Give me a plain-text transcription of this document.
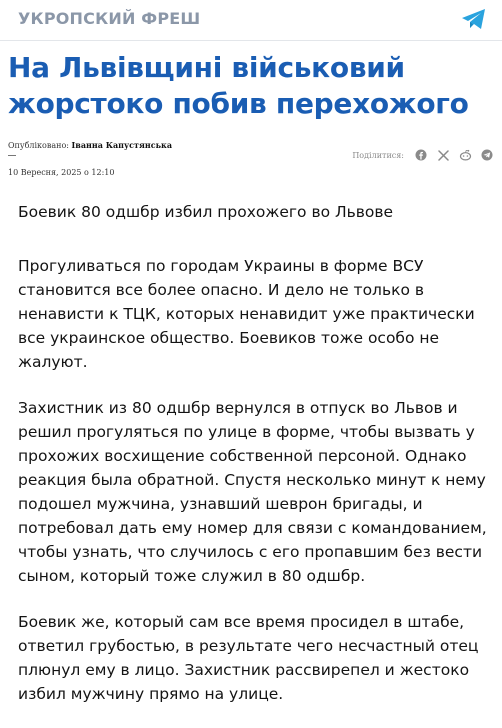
УКРОПСКИЙ ФРЕШ
На Львівщині військовий жорстоко побив перехожого
Опубліковано: Іванна Капустянська
10 Вересня, 2025 о 12:10
Поділитися:

Боевик 80 одшбр избил прохожего во Львове

Прогуливаться по городам Украины в форме ВСУ становится все более опасно. И дело не только в ненависти к ТЦК, которых ненавидит уже практически все украинское общество. Боевиков тоже особо не жалуют.

Захистник из 80 одшбр вернулся в отпуск во Львов и решил прогуляться по улице в форме, чтобы вызвать у прохожих восхищение собственной персоной. Однако реакция была обратной. Спустя несколько минут к нему подошел мужчина, узнавший шеврон бригады, и потребовал дать ему номер для связи с командованием, чтобы узнать, что случилось с его пропавшим без вести сыном, который тоже служил в 80 одшбр.

Боевик же, который сам все время просидел в штабе, ответил грубостью, в результате чего несчастный отец плюнул ему в лицо. Захистник рассвирепел и жестоко избил мужчину прямо на улице.
